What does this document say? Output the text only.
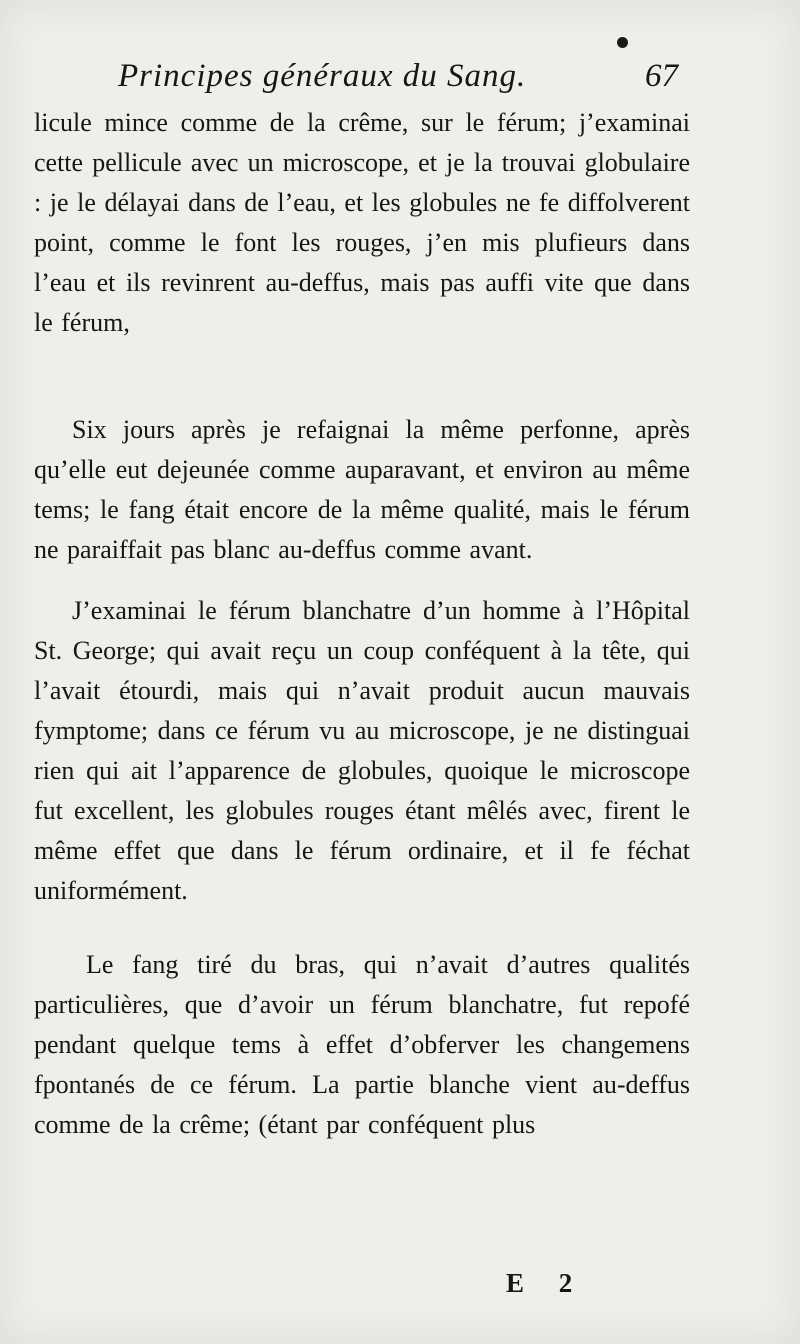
Principes généraux du Sang.	67

licule mince comme de la crême, sur le férum; j’examinai cette pellicule avec un microscope, et je la trouvai globulaire : je le délayai dans de l’eau, et les globules ne fe diffolverent point, comme le font les rouges, j’en mis plufieurs dans l’eau et ils revinrent au-deffus, mais pas auffi vite que dans le férum,

Six jours après je refaignai la même perfonne, après qu’elle eut dejeunée comme auparavant, et environ au même tems; le fang était encore de la même qualité, mais le férum ne paraiffait pas blanc au-deffus comme avant.

J’examinai le férum blanchatre d’un homme à l’Hôpital St. George; qui avait reçu un coup conféquent à la tête, qui l’avait étourdi, mais qui n’avait produit aucun mauvais fymptome; dans ce férum vu au microscope, je ne distinguai rien qui ait l’apparence de globules, quoique le microscope fut excellent, les globules rouges étant mêlés avec, firent le même effet que dans le férum ordinaire, et il fe féchat uniformément.

Le fang tiré du bras, qui n’avait d’autres qualités particulières, que d’avoir un férum blanchatre, fut repofé pendant quelque tems à effet d’obferver les changemens fpontanés de ce férum. La partie blanche vient au-deffus comme de la crême; (étant par conféquent plus

E 2
